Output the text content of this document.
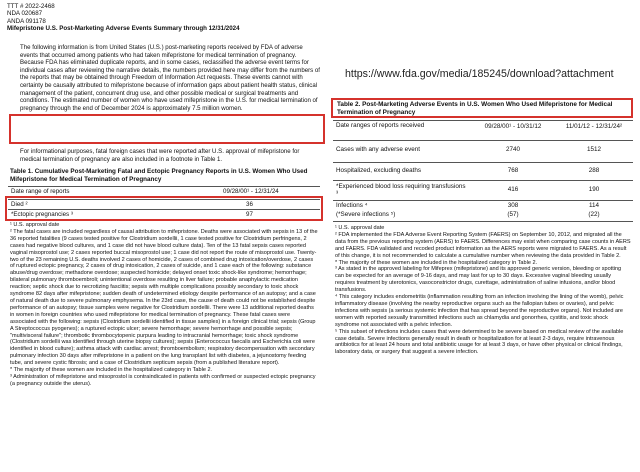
TTT # 2022-2468
NDA 020687
ANDA 091178
Mifepristone U.S. Post-Marketing Adverse Events Summary through 12/31/2024
The following information is from United States (U.S.) post-marketing reports received by FDA of adverse events that occurred among patients who had taken mifepristone for medical termination of pregnancy. Because FDA has eliminated duplicate reports, and in some cases, reclassified the adverse event terms for individual cases after reviewing the narrative details, the numbers provided here may differ from the numbers of the reports that may be obtained through Freedom of Information Act requests. These events cannot with certainty be causally attributed to mifepristone because of information gaps about patient health status, clinical management of the patient, concurrent drug use, and other possible medical or surgical treatments and conditions. The estimated number of women who have used mifepristone in the U.S. for medical termination of pregnancy through the end of December 2024 is approximately 7.5 million women.
For informational purposes, fatal foreign cases that were reported after U.S. approval of mifepristone for medical termination of pregnancy are also included in a footnote in Table 1.
https://www.fda.gov/media/185245/download?attachment
Table 1. Cumulative Post-Marketing Fatal and Ectopic Pregnancy Reports in U.S. Women Who Used Mifepristone for Medical Termination of Pregnancy
Date range of reports	09/28/00¹ - 12/31/24
Died ²	36
*Ectopic pregnancies ³	97
¹ U.S. approval date
² The fatal cases are included regardless of causal attribution to mifepristone. Deaths were associated with sepsis in 13 of the 36 reported fatalities (9 cases tested positive for Clostridium sordellii, 1 case tested positive for Clostridium perfringens, 2 cases had negative blood cultures, and 1 case did not have blood culture data). Ten of the 13 fatal sepsis cases reported vaginal misoprostol use; 2 cases reported buccal misoprostol use; 1 case did not report the route of misoprostol use. Twenty-two of the 23 remaining U.S. deaths involved 2 cases of homicide, 2 cases of combined drug intoxication/overdose, 2 cases of ruptured ectopic pregnancy, 2 cases of drug intoxication, 2 cases of suicide, and 1 case each of the following: substance abuse/drug overdose; methadone overdose; suspected homicide; delayed onset toxic shock-like syndrome; hemorrhage; bilateral pulmonary thromboembroli; unintentional overdose resulting in liver failure; probable anaphylactic medication reaction; septic shock due to necrotizing fasciitis; sepsis with multiple complications possibly secondary to toxic shock syndrome 82 days after mifepristone; sudden death of undetermined etiology despite performance of an autopsy; and a case of natural death due to severe pulmonary emphysema. In the 23rd case, the cause of death could not be established despite performance of an autopsy; tissue samples were negative for Clostridium sordellii. There were 13 additional reported deaths in women in foreign countries who used mifepristone for medical termination of pregnancy. These fatal cases were associated with the following: sepsis (Clostridium sordellii identified in tissue samples) in a foreign clinical trial; sepsis (Group A Streptococcus pyogenes); a ruptured ectopic ulcer; severe hemorrhage; severe hemorrhage and possible sepsis; "multivisceral failure"; thrombotic thrombocytopenic purpura leading to intracranial hemorrhage; toxic shock syndrome (Clostridium sordellii was identified through uterine biopsy cultures); sepsis (Enterococcus faecalis and Escherichia coli were identified in blood culture); asthma attack with cardiac arrest; thromboembolism; respiratory decompensation with secondary pulmonary infection 30 days after mifepristone in a patient on the lung transplant list with diabetes, a jejunostomy feeding tube, and severe cystic fibrosis; and a case of Clostridium septicum sepsis (from a published literature report).
* The majority of these women are included in the hospitalized category in Table 2.
³ Administration of mifepristone and misoprostol is contraindicated in patients with confirmed or suspected ectopic pregnancy (a pregnancy outside the uterus).
Table 2. Post-Marketing Adverse Events in U.S. Women Who Used Mifepristone for Medical Termination of Pregnancy
Date ranges of reports received	09/28/00¹ - 10/31/12	11/01/12 - 12/31/24²
Cases with any adverse event	2740	1512
Hospitalized, excluding deaths	768	288
*Experienced blood loss requiring transfusions ³
416	190
Infections ⁴	308	114
(*Severe infections ⁵)	(57)	(22)
¹ U.S. approval date
² FDA implemented the FDA Adverse Event Reporting System (FAERS) on September 10, 2012, and migrated all the data from the previous reporting system (AERS) to FAERS. Differences may exist when comparing case counts in AERS and FAERS. FDA validated and recoded product information as the AERS reports were migrated to FAERS. As a result of this change, it is not recommended to calculate a cumulative number when reviewing the data provided in Table 2.
* The majority of these women are included in the hospitalized category in Table 2.
³ As stated in the approved labeling for Mifeprex (mifepristone) and its approved generic version, bleeding or spotting can be expected for an average of 9-16 days, and may last for up to 30 days. Excessive vaginal bleeding usually requires treatment by uterotonics, vasoconstrictor drugs, curettage, administration of saline infusions, and/or blood transfusions.
⁴ This category includes endometritis (inflammation resulting from an infection involving the lining of the womb), pelvic inflammatory disease (involving the nearby reproductive organs such as the fallopian tubes or ovaries), and pelvic infections with sepsis (a serious systemic infection that has spread beyond the reproductive organs). Not included are women with reported sexually transmitted infections such as chlamydia and gonorrhea, cystitis, and toxic shock syndrome not associated with a pelvic infection.
⁵ This subset of infections includes cases that were determined to be severe based on medical review of the available case details. Severe infections generally result in death or hospitalization for at least 2-3 days, require intravenous antibiotics for at least 24 hours and total antibiotic usage for at least 3 days, or have other physical or clinical findings, laboratory data, or surgery that suggest a severe infection.
